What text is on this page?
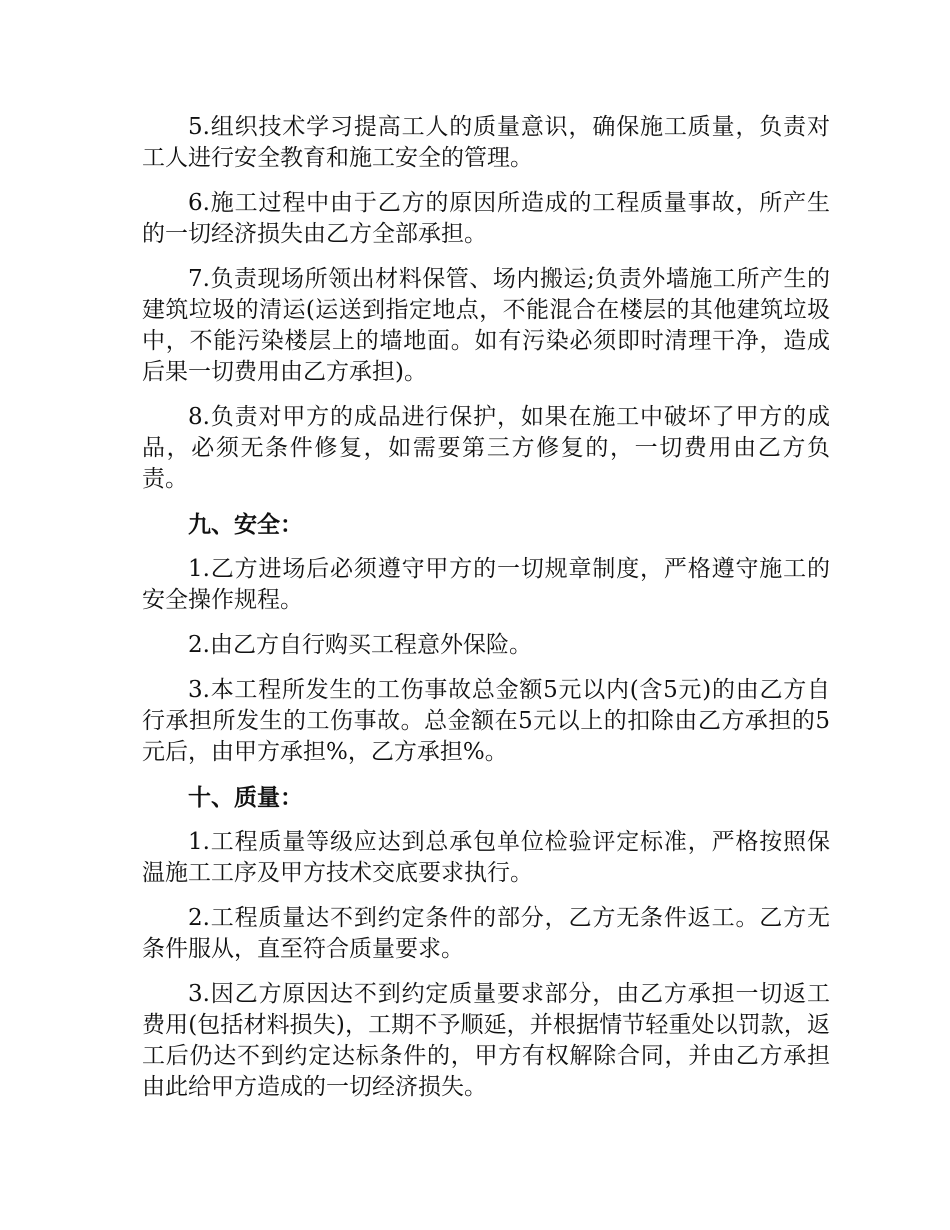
5.组织技术学习提高工人的质量意识，确保施工质量，负责对工人进行安全教育和施工安全的管理。

6.施工过程中由于乙方的原因所造成的工程质量事故，所产生的一切经济损失由乙方全部承担。

7.负责现场所领出材料保管、场内搬运;负责外墙施工所产生的建筑垃圾的清运(运送到指定地点，不能混合在楼层的其他建筑垃圾中，不能污染楼层上的墙地面。如有污染必须即时清理干净，造成后果一切费用由乙方承担)。

8.负责对甲方的成品进行保护，如果在施工中破坏了甲方的成品，必须无条件修复，如需要第三方修复的，一切费用由乙方负责。

九、安全：

1.乙方进场后必须遵守甲方的一切规章制度，严格遵守施工的安全操作规程。

2.由乙方自行购买工程意外保险。

3.本工程所发生的工伤事故总金额5元以内(含5元)的由乙方自行承担所发生的工伤事故。总金额在5元以上的扣除由乙方承担的5元后，由甲方承担%，乙方承担%。

十、质量：

1.工程质量等级应达到总承包单位检验评定标准，严格按照保温施工工序及甲方技术交底要求执行。

2.工程质量达不到约定条件的部分，乙方无条件返工。乙方无条件服从，直至符合质量要求。

3.因乙方原因达不到约定质量要求部分，由乙方承担一切返工费用(包括材料损失)，工期不予顺延，并根据情节轻重处以罚款，返工后仍达不到约定达标条件的，甲方有权解除合同，并由乙方承担由此给甲方造成的一切经济损失。
